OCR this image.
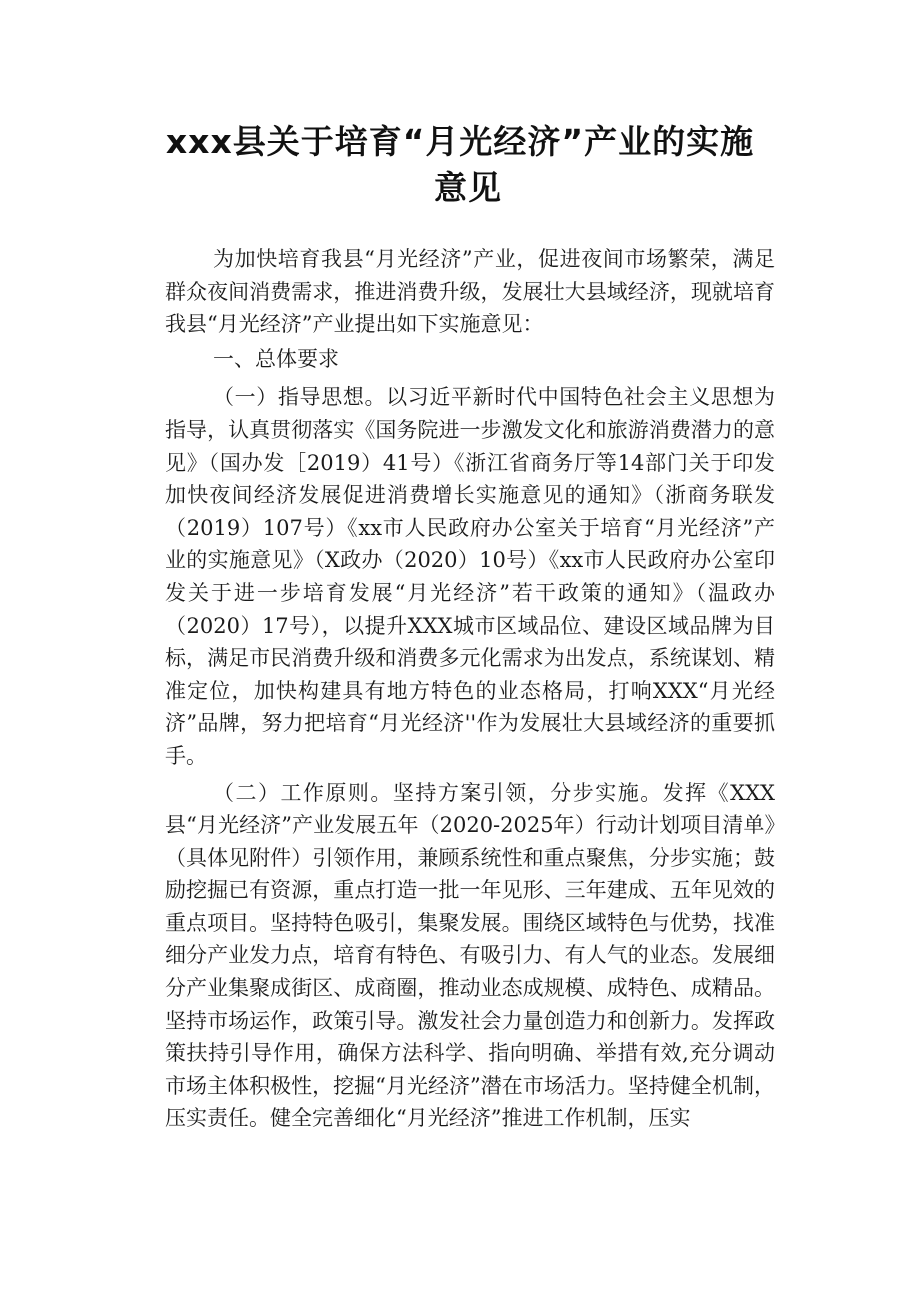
xxx县关于培育“月光经济”产业的实施
意见

为加快培育我县“月光经济”产业，促进夜间市场繁荣，满足群众夜间消费需求，推进消费升级，发展壮大县域经济，现就培育我县“月光经济”产业提出如下实施意见：

一、总体要求

（一）指导思想。以习近平新时代中国特色社会主义思想为指导，认真贯彻落实《国务院进一步激发文化和旅游消费潜力的意见》（国办发［2019）41号）《浙江省商务厅等14部门关于印发加快夜间经济发展促进消费增长实施意见的通知》（浙商务联发（2019）107号）《xx市人民政府办公室关于培育“月光经济”产业的实施意见》（X政办（2020）10号）《xx市人民政府办公室印发关于进一步培育发展“月光经济”若干政策的通知》（温政办（2020）17号），以提升XXX城市区域品位、建设区域品牌为目标，满足市民消费升级和消费多元化需求为出发点，系统谋划、精准定位，加快构建具有地方特色的业态格局，打响XXX“月光经济”品牌，努力把培育“月光经济''作为发展壮大县域经济的重要抓手。

（二）工作原则。坚持方案引领，分步实施。发挥《XXX县“月光经济”产业发展五年（2020-2025年）行动计划项目清单》（具体见附件）引领作用，兼顾系统性和重点聚焦，分步实施；鼓励挖掘已有资源，重点打造一批一年见形、三年建成、五年见效的重点项目。坚持特色吸引，集聚发展。围绕区域特色与优势，找准细分产业发力点，培育有特色、有吸引力、有人气的业态。发展细分产业集聚成街区、成商圈，推动业态成规模、成特色、成精品。坚持市场运作，政策引导。激发社会力量创造力和创新力。发挥政策扶持引导作用，确保方法科学、指向明确、举措有效,充分调动市场主体积极性，挖掘“月光经济”潜在市场活力。坚持健全机制，压实责任。健全完善细化“月光经济”推进工作机制，压实
